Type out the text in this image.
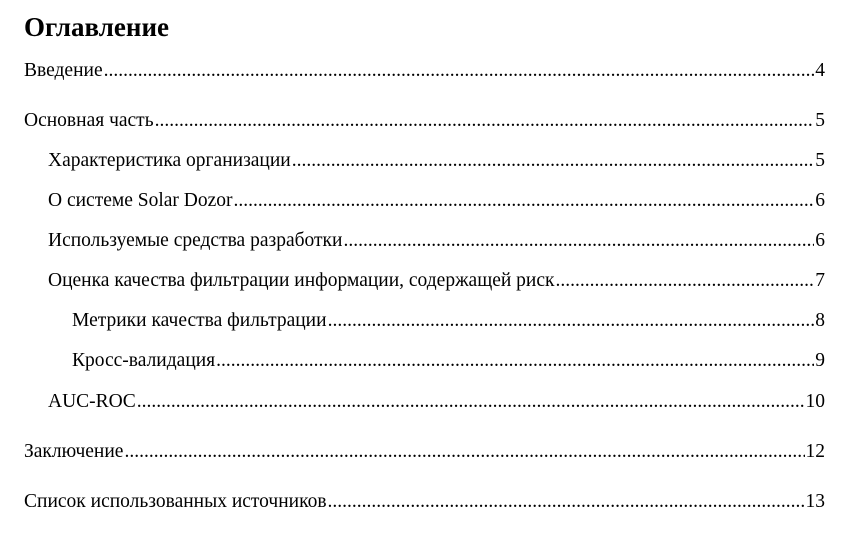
Оглавление
Введение .....	4
Основная часть .....	5
Характеристика организации .....	5
О системе Solar Dozor .....	6
Используемые средства разработки .....	6
Оценка качества фильтрации информации, содержащей риск .....	7
Метрики качества фильтрации .....	8
Кросс-валидация .....	9
AUC-ROC .....	10
Заключение .....	12
Список использованных источников .....	13
